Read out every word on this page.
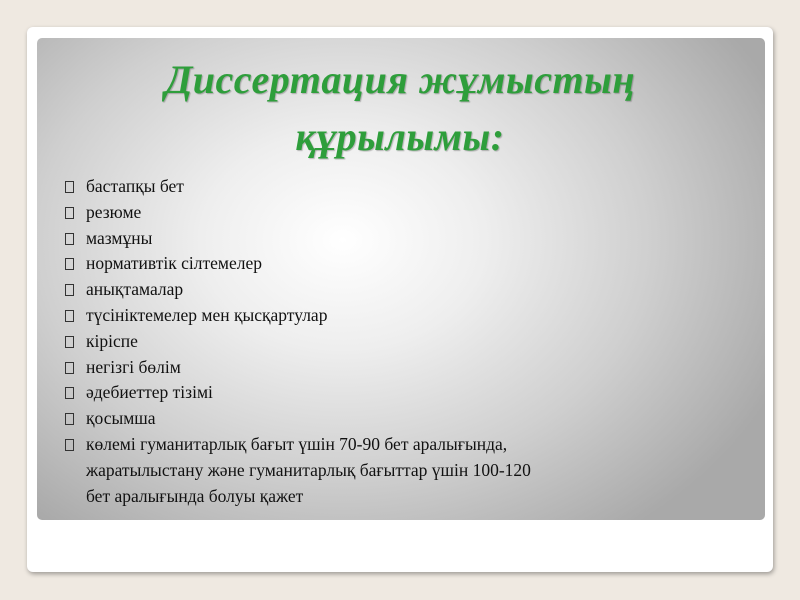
Диссертация жұмыстың
құрылымы:
бастапқы бет
резюме
мазмұны
нормативтік сілтемелер
анықтамалар
түсініктемелер мен қысқартулар
кіріспе
негізгі бөлім
әдебиеттер тізімі
қосымша
көлемі гуманитарлық бағыт үшін 70-90 бет аралығында,
жаратылыстану және гуманитарлық бағыттар үшін 100-120
бет аралығында болуы қажет
